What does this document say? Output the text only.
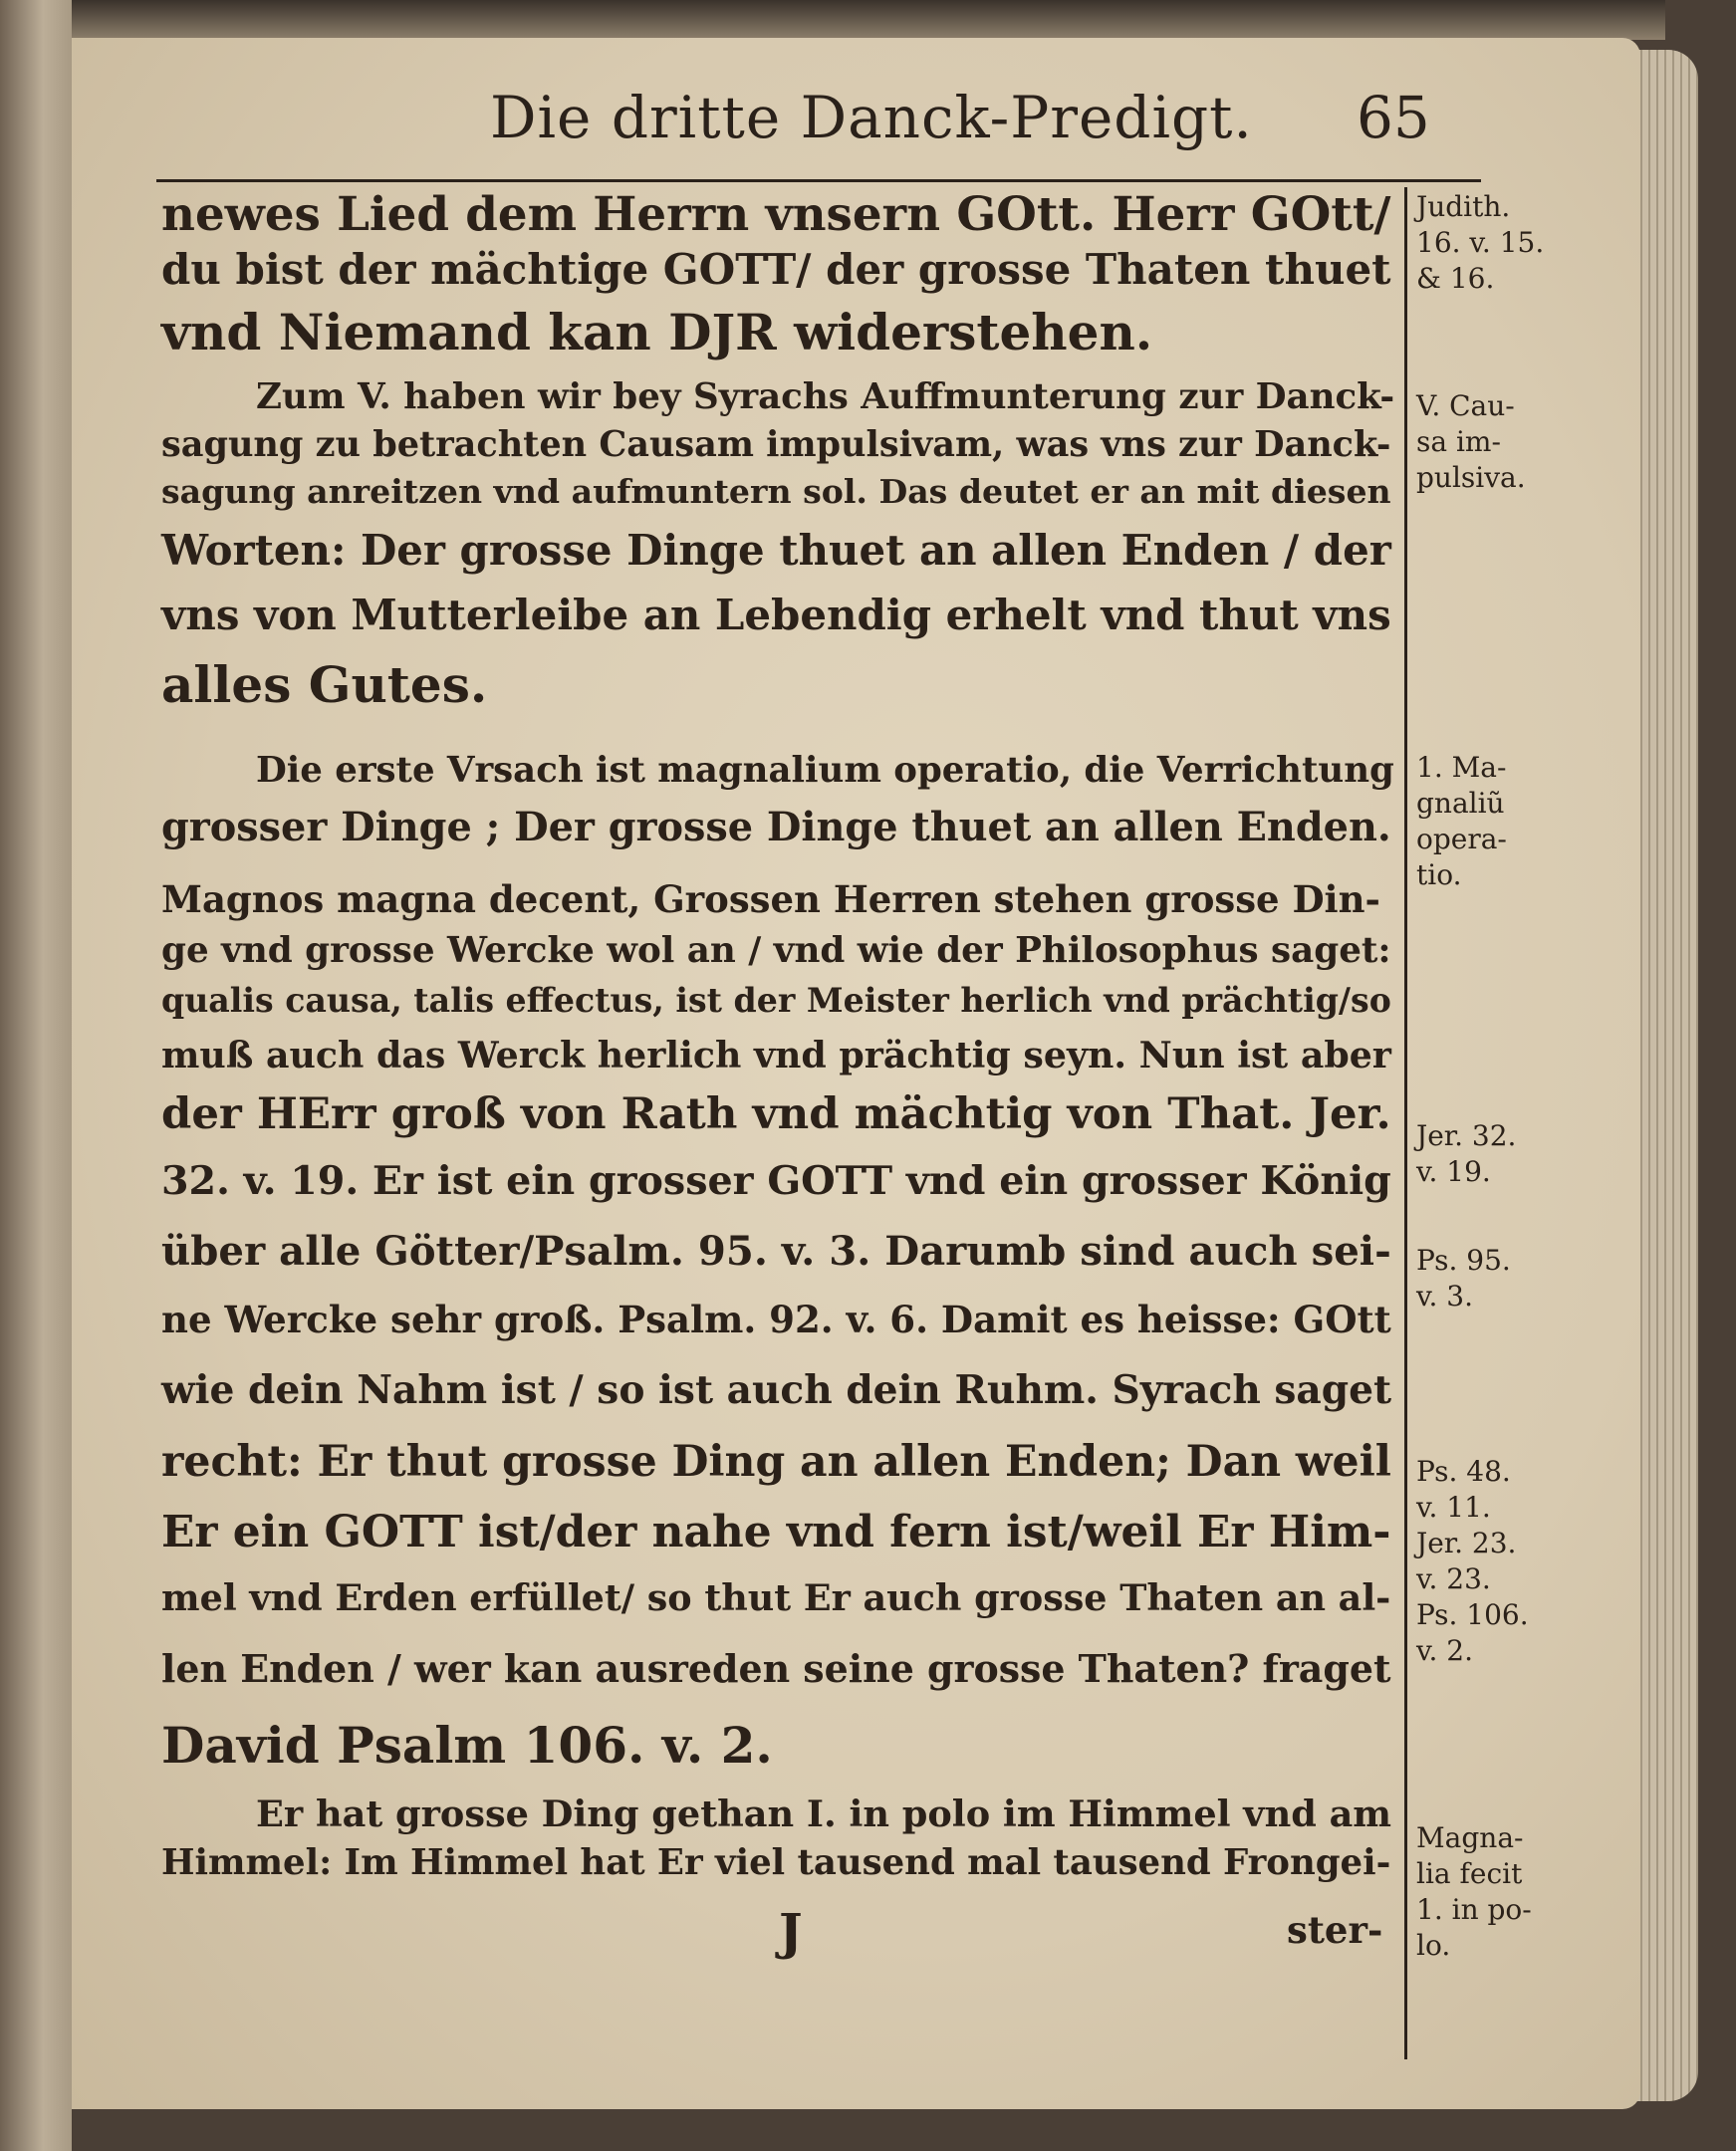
Die dritte Danck-Predigt. 65
newes Lied dem Herrn vnsern GOtt. Herr GOtt/
du bist der mächtige GOTT/ der grosse Thaten thuet
vnd Niemand kan DJR widerstehen.
Zum V. haben wir bey Syrachs Auffmunterung zur Danck-
sagung zu betrachten Causam impulsivam, was vns zur Danck-
sagung anreitzen vnd aufmuntern sol. Das deutet er an mit diesen
Worten: Der grosse Dinge thuet an allen Enden / der
vns von Mutterleibe an Lebendig erhelt vnd thut vns
alles Gutes.
Die erste Vrsach ist magnalium operatio, die Verrichtung
grosser Dinge ; Der grosse Dinge thuet an allen Enden.
Magnos magna decent, Grossen Herren stehen grosse Din-
ge vnd grosse Wercke wol an / vnd wie der Philosophus saget:
qualis causa, talis effectus, ist der Meister herlich vnd prächtig/so
muß auch das Werck herlich vnd prächtig seyn. Nun ist aber
der HErr groß von Rath vnd mächtig von That. Jer.
32. v. 19. Er ist ein grosser GOTT vnd ein grosser König
über alle Götter/Psalm. 95. v. 3. Darumb sind auch sei-
ne Wercke sehr groß. Psalm. 92. v. 6. Damit es heisse: GOtt
wie dein Nahm ist / so ist auch dein Ruhm. Syrach saget
recht: Er thut grosse Ding an allen Enden; Dan weil
Er ein GOTT ist/der nahe vnd fern ist/weil Er Him-
mel vnd Erden erfüllet/ so thut Er auch grosse Thaten an al-
len Enden / wer kan ausreden seine grosse Thaten? fraget
David Psalm 106. v. 2.
Er hat grosse Ding gethan I. in polo im Himmel vnd am
Himmel: Im Himmel hat Er viel tausend mal tausend Frongei-
J	ster-
Judith.
16. v. 15.
& 16.
V. Cau-
sa im-
pulsiva.
1. Ma-
gnaliũ
opera-
tio.
Jer. 32.
v. 19.
Ps. 95.
v. 3.
Ps. 48.
v. 11.
Jer. 23.
v. 23.
Ps. 106.
v. 2.
Magna-
lia fecit
1. in po-
lo.
